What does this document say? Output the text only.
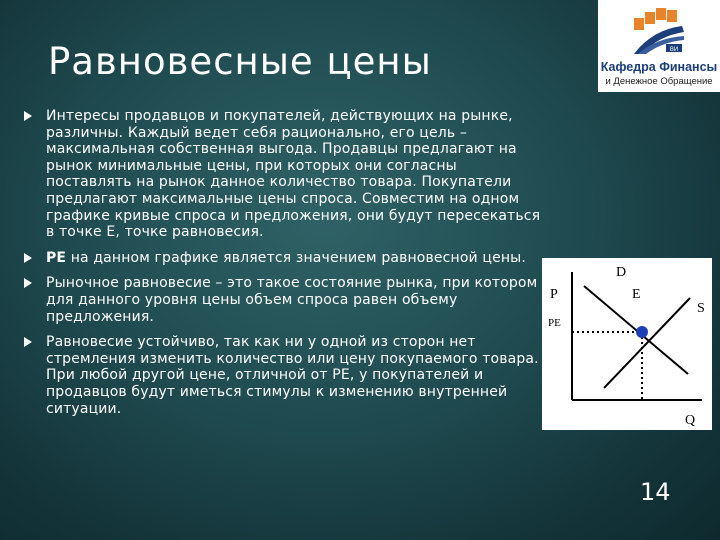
Равновесные цены	ВИ
Кафедра Финансы
и Денежное Обращение
Интересы продавцов и покупателей, действующих на рынке, различны. Каждый ведет себя рационально, его цель – максимальная собственная выгода. Продавцы предлагают на рынок минимальные цены, при которых они согласны поставлять на рынок данное количество товара. Покупатели предлагают максимальные цены спроса. Совместим на одном графике кривые спроса и предложения, они будут пересекаться в точке Е, точке равновесия.
PE на данном графике является значением равновесной цены.
Рыночное равновесие – это такое состояние рынка, при котором для данного уровня цены объем спроса равен объему предложения.
Равновесие устойчиво, так как ни у одной из сторон нет стремления изменить количество или цену покупаемого товара. При любой другой цене, отличной от PE, у покупателей и продавцов будут иметься стимулы к изменению внутренней ситуации.
D
E
S
P
PE
Q
14
